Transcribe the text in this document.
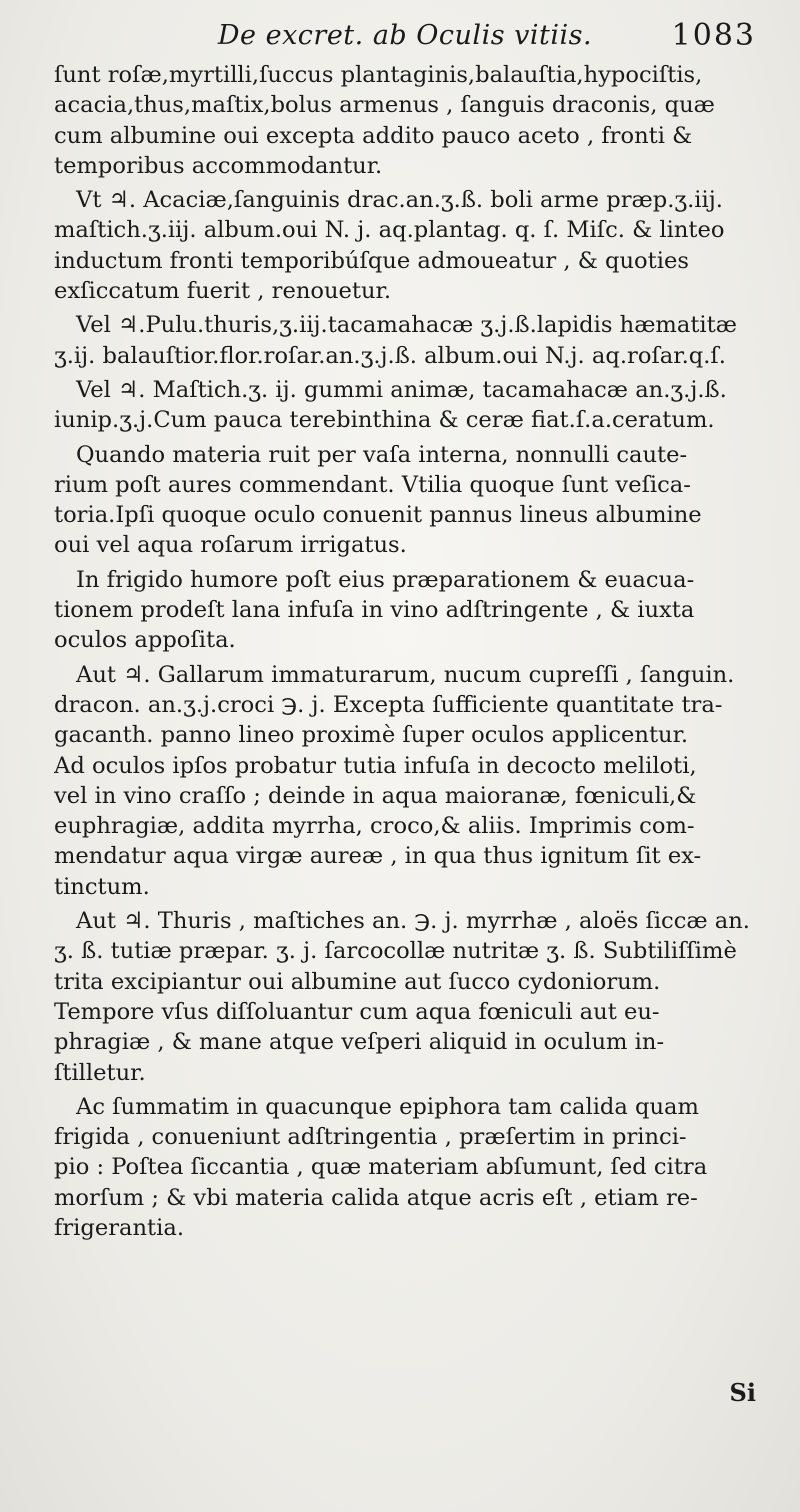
De excret. ab Oculis vitiis.	1083
ſunt roſæ,myrtilli,ſuccus plantaginis,balauſtia,hypociſtis,
acacia,thus,maſtix,bolus armenus , ſanguis draconis, quæ
cum albumine oui excepta addito pauco aceto , fronti &
temporibus accommodantur.
Vt ♃. Acaciæ,ſanguinis drac.an.ʒ.ß. boli arme præp.ʒ.iij.
maſtich.ʒ.iij. album.oui N. j. aq.plantag. q. ſ. Miſc. & linteo
inductum fronti temporibúſque admoueatur , & quoties
exſiccatum fuerit , renouetur.
Vel ♃.Pulu.thuris,ʒ.iij.tacamahacæ ʒ.j.ß.lapidis hæmatitæ
ʒ.ij. balauſtior.flor.roſar.an.ʒ.j.ß. album.oui N.j. aq.roſar.q.ſ.
Vel ♃. Maſtich.ʒ. ij. gummi animæ, tacamahacæ an.ʒ.j.ß.
iunip.ʒ.j.Cum pauca terebinthina & ceræ fiat.ſ.a.ceratum.
Quando materia ruit per vaſa interna, nonnulli caute-
rium poſt aures commendant. Vtilia quoque ſunt veſica-
toria.Ipſi quoque oculo conuenit pannus lineus albumine
oui vel aqua roſarum irrigatus.
In frigido humore poſt eius præparationem & euacua-
tionem prodeſt lana infuſa in vino adſtringente , & iuxta
oculos appoſita.
Aut ♃. Gallarum immaturarum, nucum cupreſſi , ſanguin.
dracon. an.ʒ.j.croci ℈. j. Excepta ſufficiente quantitate tra-
gacanth. panno lineo proximè ſuper oculos applicentur.
Ad oculos ipſos probatur tutia infuſa in decocto meliloti,
vel in vino craſſo ; deinde in aqua maioranæ, fœniculi,&
euphragiæ, addita myrrha, croco,& aliis. Imprimis com-
mendatur aqua virgæ aureæ , in qua thus ignitum ſit ex-
tinctum.
Aut ♃. Thuris , maſtiches an. ℈. j. myrrhæ , aloës ſiccæ an.
ʒ. ß. tutiæ præpar. ʒ. j. ſarcocollæ nutritæ ʒ. ß. Subtiliſſimè
trita excipiantur oui albumine aut ſucco cydoniorum.
Tempore vſus diſſoluantur cum aqua fœniculi aut eu-
phragiæ , & mane atque veſperi aliquid in oculum in-
ſtilletur.
Ac ſummatim in quacunque epiphora tam calida quam
frigida , conueniunt adſtringentia , præſertim in princi-
pio : Poſtea ſiccantia , quæ materiam abſumunt, ſed citra
morſum ; & vbi materia calida atque acris eſt , etiam re-
frigerantia.
Si
